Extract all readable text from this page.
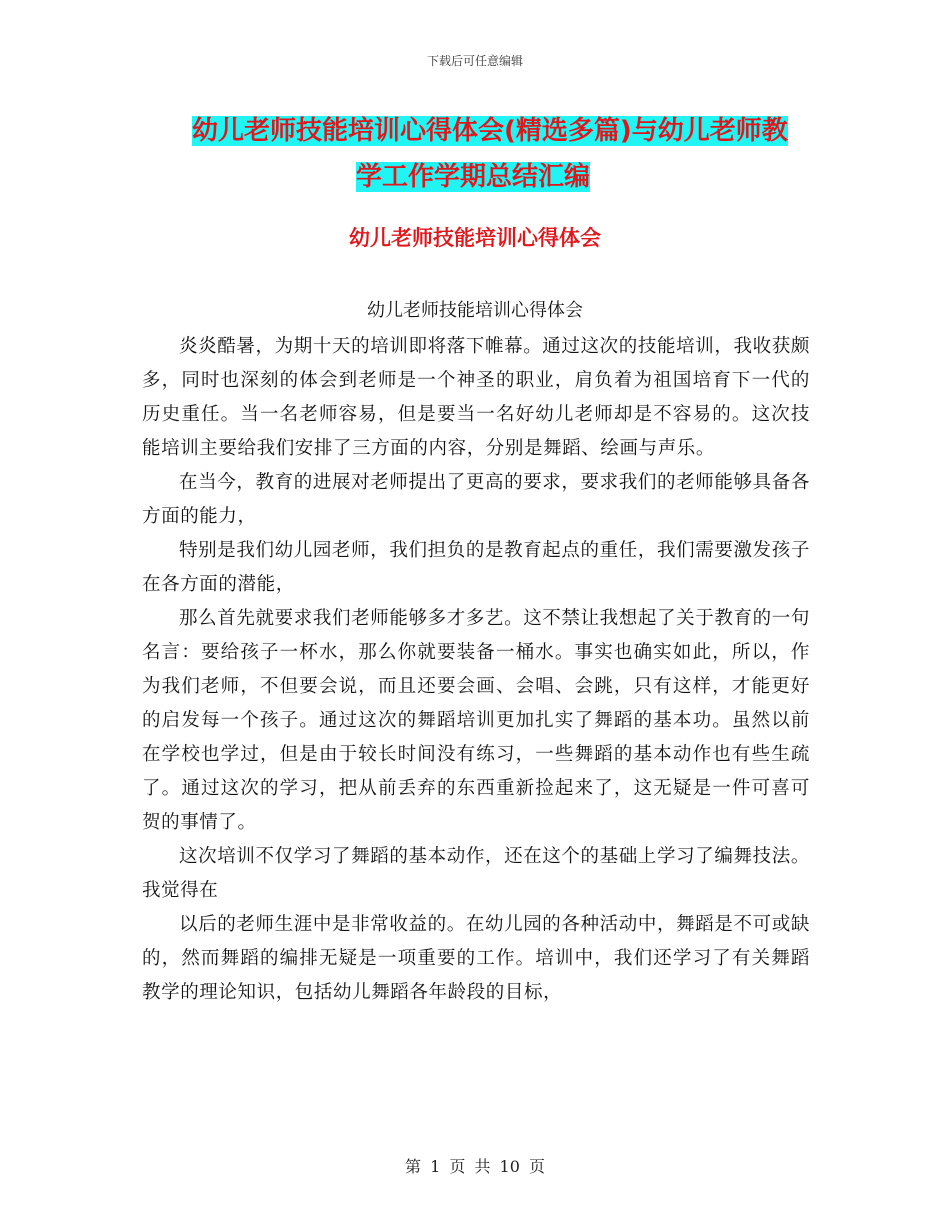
下载后可任意编辑
幼儿老师技能培训心得体会(精选多篇)与幼儿老师教
学工作学期总结汇编
幼儿老师技能培训心得体会
幼儿老师技能培训心得体会

炎炎酷暑，为期十天的培训即将落下帷幕。通过这次的技能培训，我收获颇多，同时也深刻的体会到老师是一个神圣的职业，肩负着为祖国培育下一代的历史重任。当一名老师容易，但是要当一名好幼儿老师却是不容易的。这次技能培训主要给我们安排了三方面的内容，分别是舞蹈、绘画与声乐。

在当今，教育的进展对老师提出了更高的要求，要求我们的老师能够具备各方面的能力，

特别是我们幼儿园老师，我们担负的是教育起点的重任，我们需要激发孩子在各方面的潜能，

那么首先就要求我们老师能够多才多艺。这不禁让我想起了关于教育的一句名言：要给孩子一杯水，那么你就要装备一桶水。事实也确实如此，所以，作为我们老师，不但要会说，而且还要会画、会唱、会跳，只有这样，才能更好的启发每一个孩子。通过这次的舞蹈培训更加扎实了舞蹈的基本功。虽然以前在学校也学过，但是由于较长时间没有练习，一些舞蹈的基本动作也有些生疏了。通过这次的学习，把从前丢弃的东西重新捡起来了，这无疑是一件可喜可贺的事情了。

这次培训不仅学习了舞蹈的基本动作，还在这个的基础上学习了编舞技法。我觉得在

以后的老师生涯中是非常收益的。在幼儿园的各种活动中，舞蹈是不可或缺的，然而舞蹈的编排无疑是一项重要的工作。培训中，我们还学习了有关舞蹈教学的理论知识，包括幼儿舞蹈各年龄段的目标，

第 1 页 共 10 页
